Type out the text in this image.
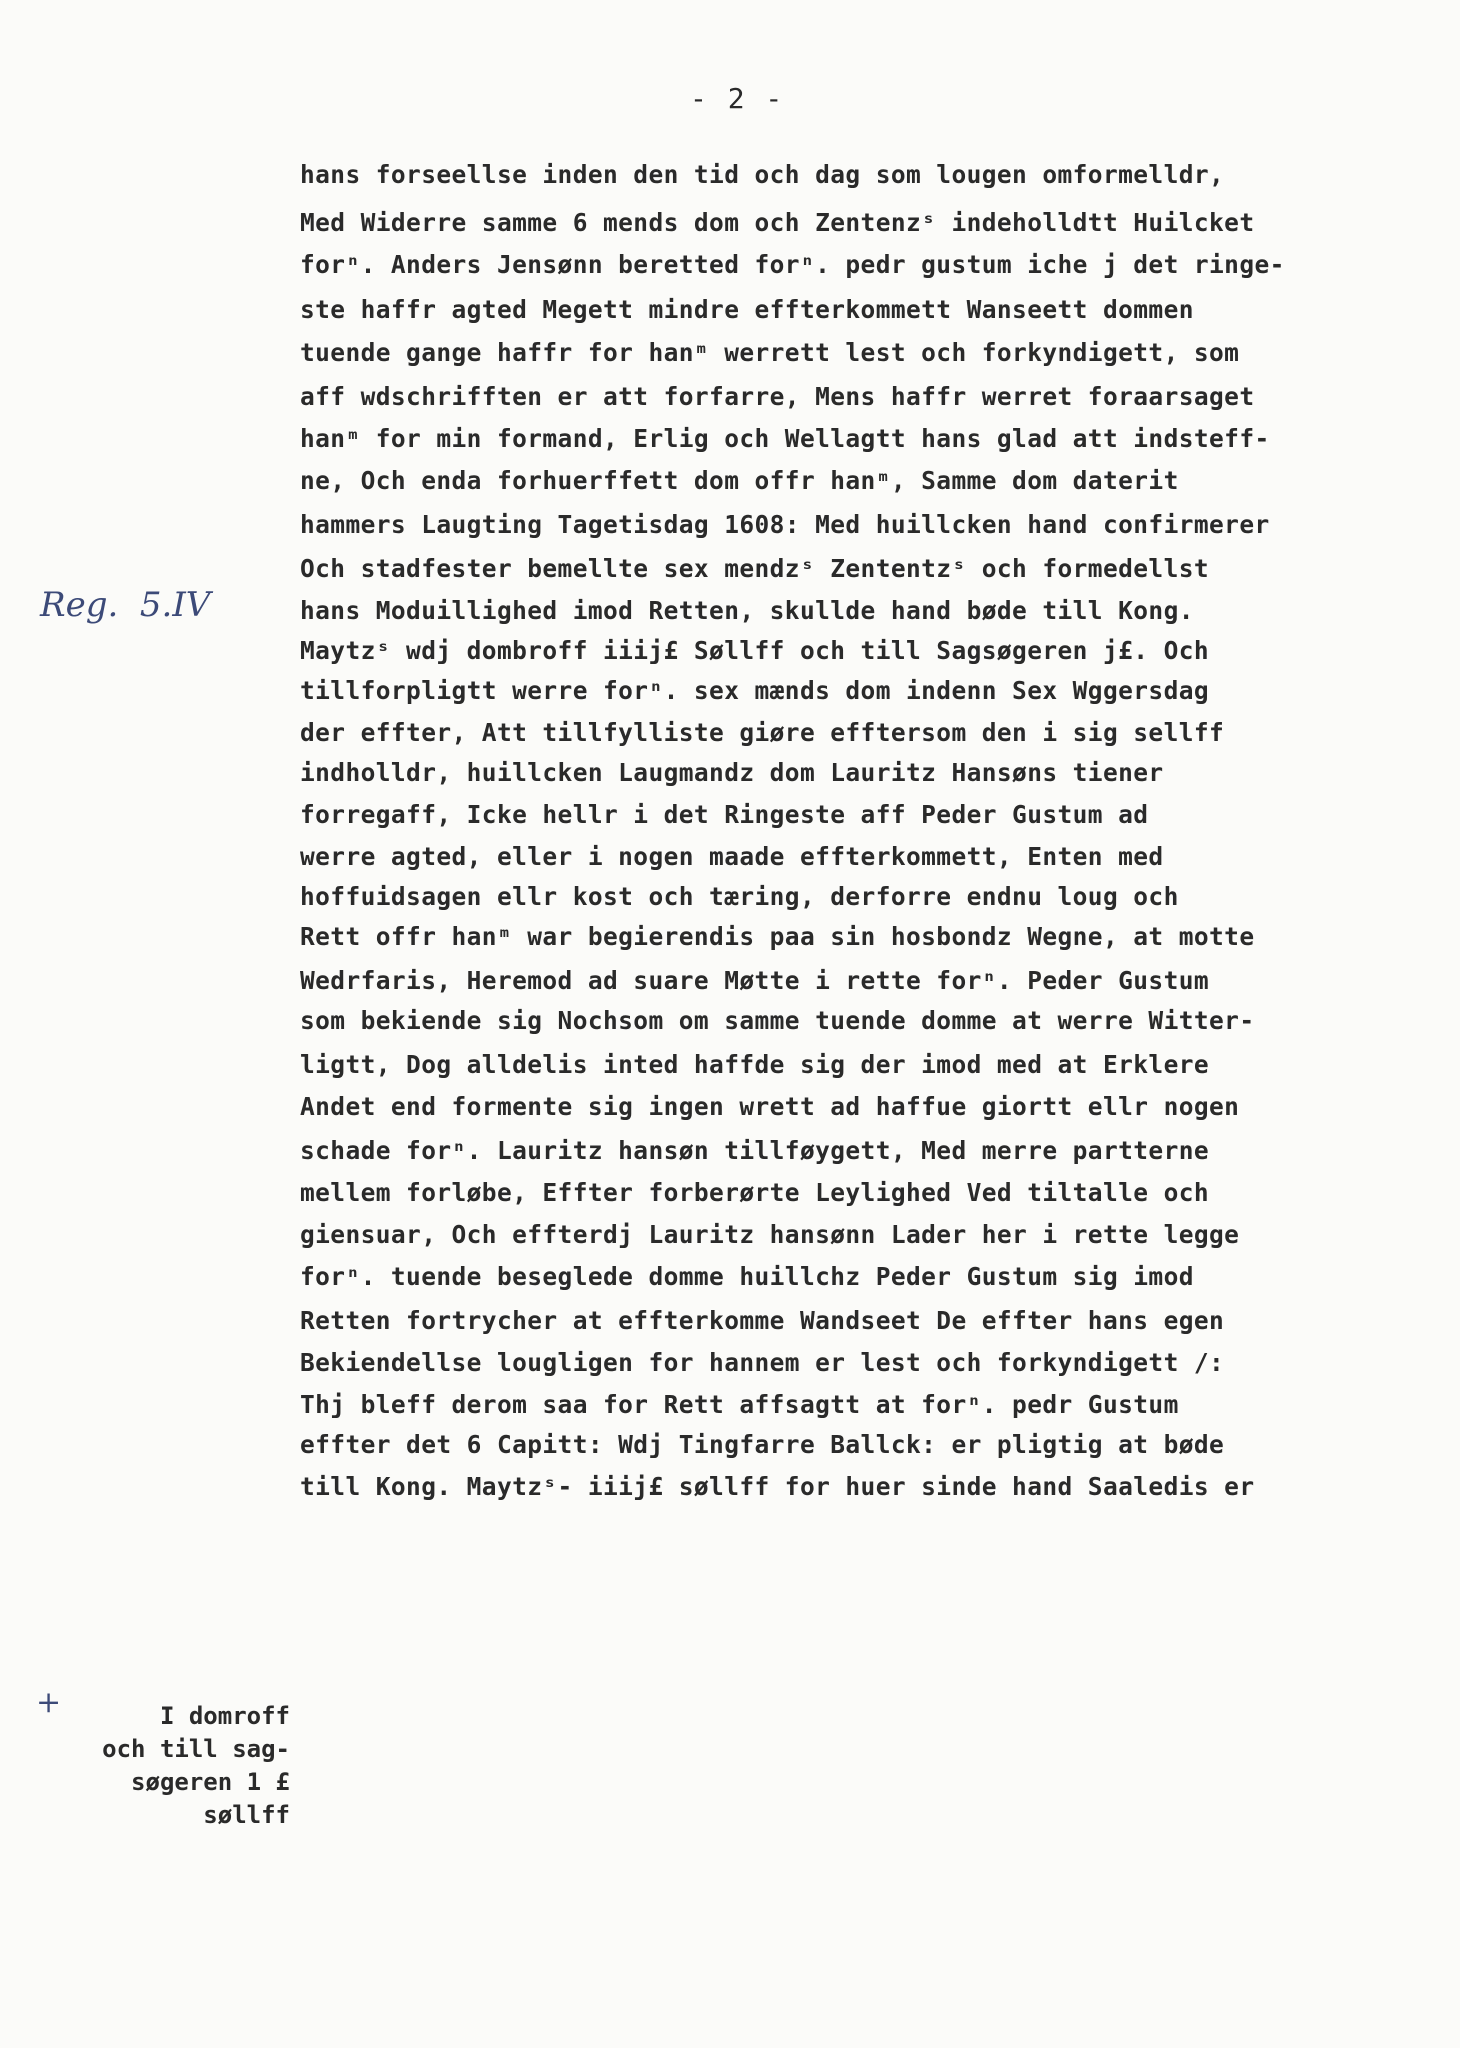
- 2 -
Reg.  5.IV
+	I domroff
och till sag-
søgeren 1 £
søllff
hans forseellse inden den tid och dag som lougen omformelldr,
Med Widerre samme 6 mends dom och Zentenzˢ indeholldtt Huilcket
forⁿ. Anders Jensønn beretted forⁿ. pedr gustum iche j det ringe-
ste haffr agted Megett mindre effterkommett Wanseett dommen
tuende gange haffr for hanᵐ werrett lest och forkyndigett, som
aff wdschrifften er att forfarre, Mens haffr werret foraarsaget
hanᵐ for min formand, Erlig och Wellagtt hans glad att indsteff-
ne, Och enda forhuerffett dom offr hanᵐ, Samme dom daterit
hammers Laugting Tagetisdag 1608: Med huillcken hand confirmerer
Och stadfester bemellte sex mendzˢ Zententzˢ och formedellst
hans Moduillighed imod Retten, skullde hand bøde till Kong.
Maytzˢ wdj dombroff iiij£ Søllff och till Sagsøgeren j£. Och
tillforpligtt werre forⁿ. sex mænds dom indenn Sex Wggersdag
der effter, Att tillfylliste giøre efftersom den i sig sellff
indholldr, huillcken Laugmandz dom Lauritz Hansøns tiener
forregaff, Icke hellr i det Ringeste aff Peder Gustum ad
werre agted, eller i nogen maade effterkommett, Enten med
hoffuidsagen ellr kost och tæring, derforre endnu loug och
Rett offr hanᵐ war begierendis paa sin hosbondz Wegne, at motte
Wedrfaris, Heremod ad suare Møtte i rette forⁿ. Peder Gustum
som bekiende sig Nochsom om samme tuende domme at werre Witter-
ligtt, Dog alldelis inted haffde sig der imod med at Erklere
Andet end formente sig ingen wrett ad haffue giortt ellr nogen
schade forⁿ. Lauritz hansøn tillføygett, Med merre partterne
mellem forløbe, Effter forberørte Leylighed Ved tiltalle och
giensuar, Och effterdj Lauritz hansønn Lader her i rette legge
forⁿ. tuende beseglede domme huillchz Peder Gustum sig imod
Retten fortrycher at effterkomme Wandseet De effter hans egen
Bekiendellse lougligen for hannem er lest och forkyndigett /:
Thj bleff derom saa for Rett affsagtt at forⁿ. pedr Gustum
effter det 6 Capitt: Wdj Tingfarre Ballck: er pligtig at bøde
till Kong. Maytzˢ- iiij£ søllff for huer sinde hand Saaledis er
